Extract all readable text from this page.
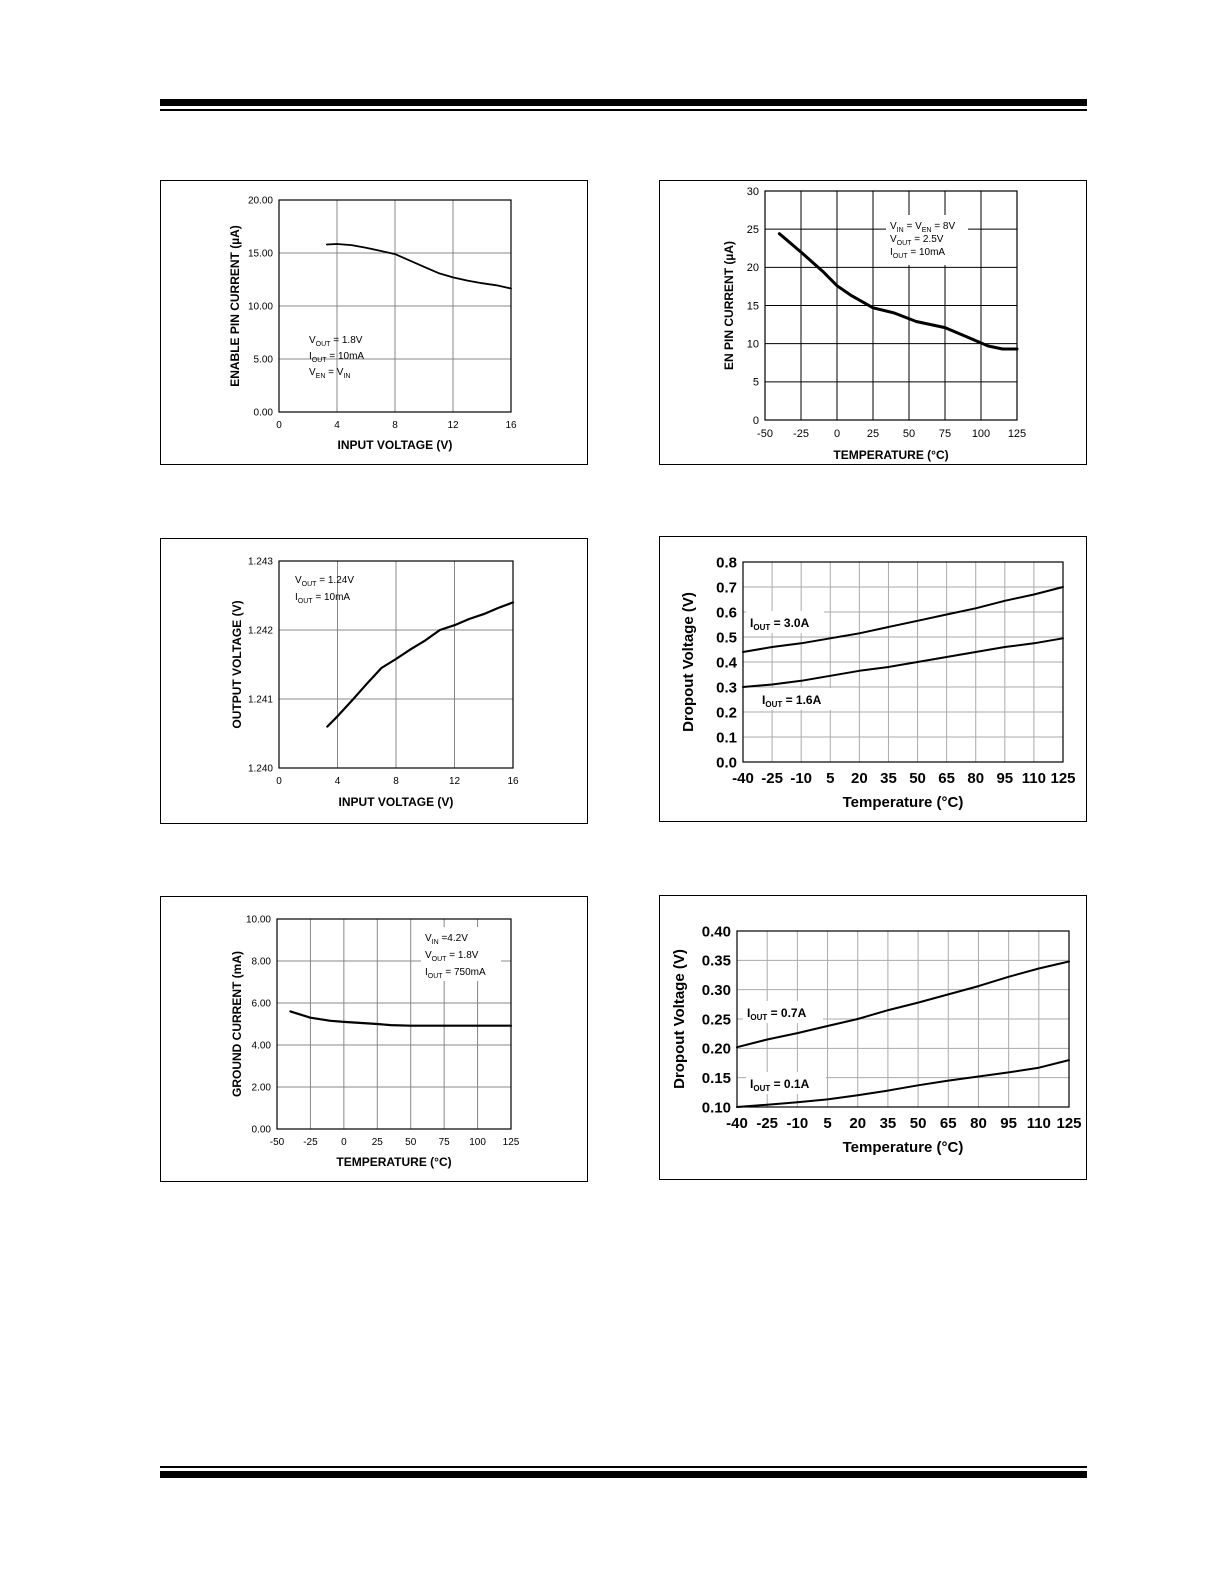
0	4	8	12	16
0.00
5.00
10.00
15.00
20.00
INPUT VOLTAGE (V)
ENABLE PIN CURRENT (µA)	$V_{OUT} = 1.8V$
$I_{OUT} = 10mA$
$V_{EN} = V_{IN}$
-50 -25 0 25 50 75 100 125
0
5
10
15
20
25
30
TEMPERATURE (°C)
EN PIN CURRENT (µA)
$V_{IN} = V_{EN} = 8V$
$V_{OUT} = 2.5V$
$I_{OUT} = 10mA$
0	4	8	12	16
1.240
1.241
1.242
1.243
INPUT VOLTAGE (V)
OUTPUT VOLTAGE (V)
$V_{OUT} = 1.24V$
$I_{OUT} = 10mA$
-40 -25 -10 5 20 35 50 65 80 95 110 125
0.0
0.1
0.2
0.3
0.4
0.5
0.6
0.7
0.8
Temperature (°C)
Dropout Voltage (V)	$I_{OUT} = 3.0A$
$I_{OUT} = 1.6A$
-50 -25 0	25 50 75 100 125
0.00
2.00
4.00
6.00
8.00
10.00
TEMPERATURE (°C)
GROUND CURRENT (mA)
$V_{IN} =4.2V$
$V_{OUT} = 1.8V$
$I_{OUT} = 750mA$
-40 -25 -10 5 20 35 50 65 80 95 110 125
0.10
0.15
0.20
0.25
0.30
0.35
0.40
Temperature (°C)
Dropout Voltage (V)	$I_{OUT} = 0.7A$
$I_{OUT} = 0.1A$
